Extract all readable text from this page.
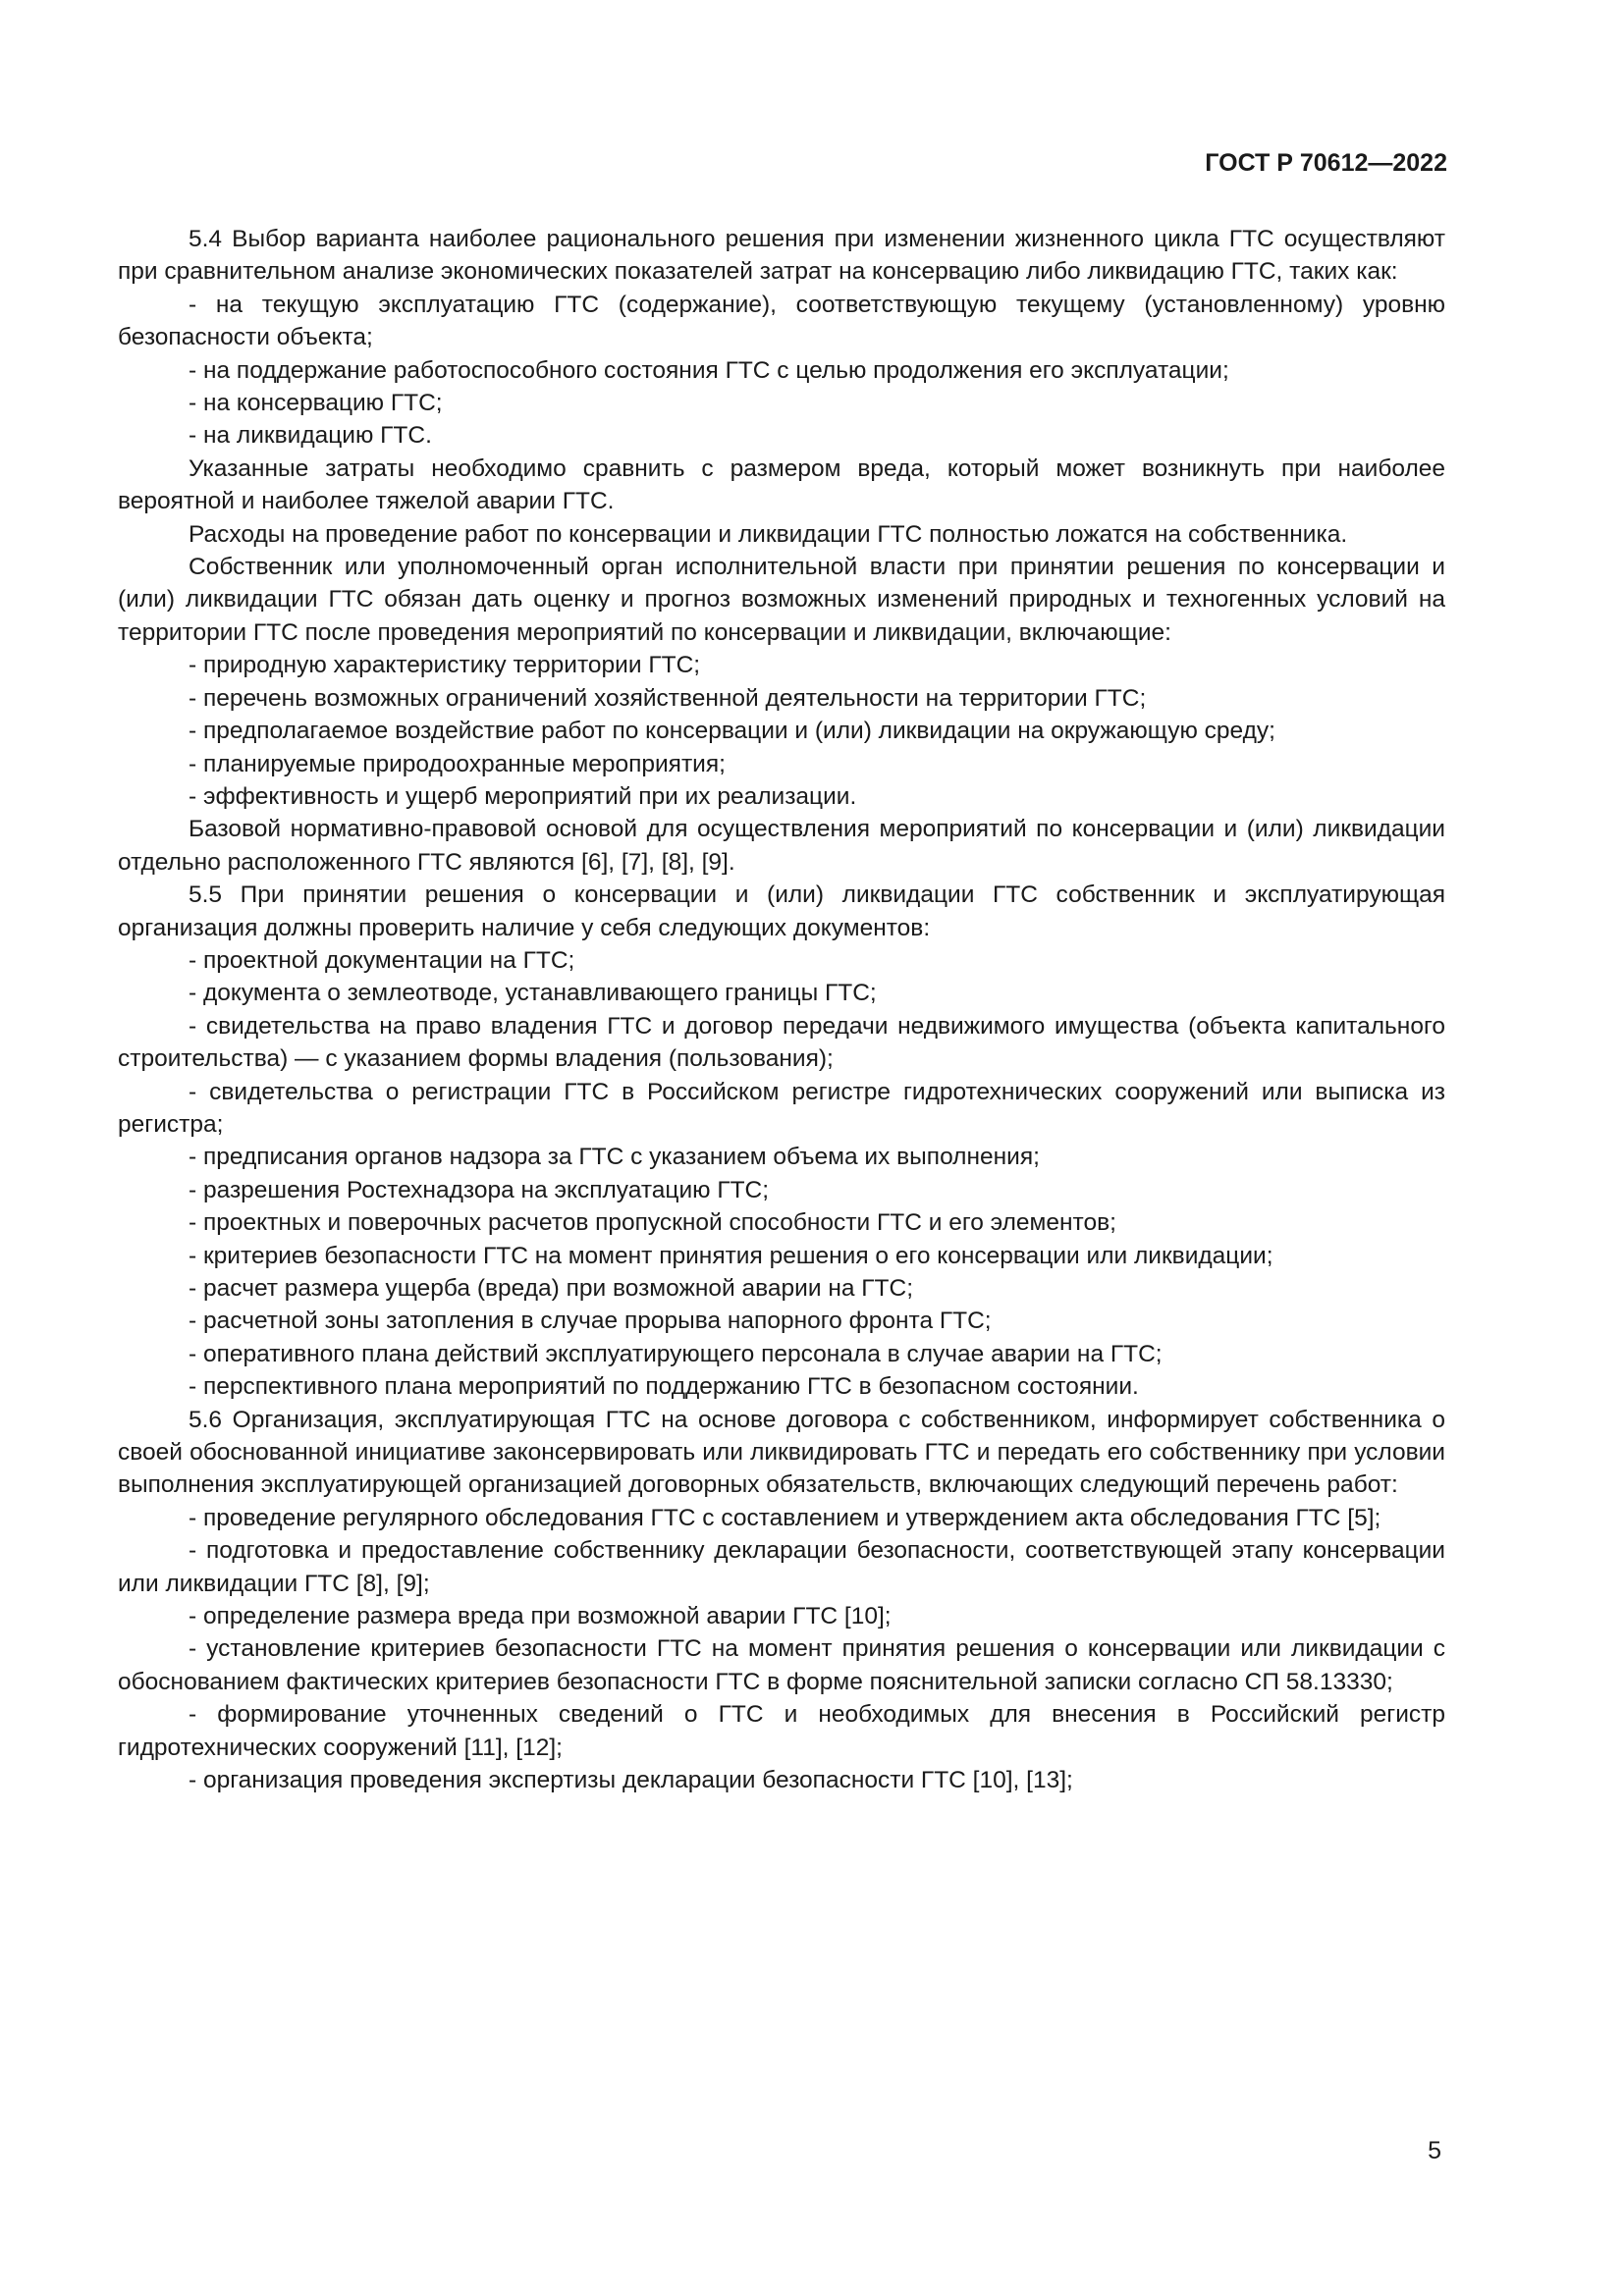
ГОСТ Р 70612—2022

5.4 Выбор варианта наиболее рационального решения при изменении жизненного цикла ГТС осуществляют при сравнительном анализе экономических показателей затрат на консервацию либо ликвидацию ГТС, таких как:

- на текущую эксплуатацию ГТС (содержание), соответствующую текущему (установленному) уровню безопасности объекта;

- на поддержание работоспособного состояния ГТС с целью продолжения его эксплуатации;

- на консервацию ГТС;

- на ликвидацию ГТС.

Указанные затраты необходимо сравнить с размером вреда, который может возникнуть при наиболее вероятной и наиболее тяжелой аварии ГТС.

Расходы на проведение работ по консервации и ликвидации ГТС полностью ложатся на собственника.

Собственник или уполномоченный орган исполнительной власти при принятии решения по консервации и (или) ликвидации ГТС обязан дать оценку и прогноз возможных изменений природных и техногенных условий на территории ГТС после проведения мероприятий по консервации и ликвидации, включающие:

- природную характеристику территории ГТС;

- перечень возможных ограничений хозяйственной деятельности на территории ГТС;

- предполагаемое воздействие работ по консервации и (или) ликвидации на окружающую среду;

- планируемые природоохранные мероприятия;

- эффективность и ущерб мероприятий при их реализации.

Базовой нормативно-правовой основой для осуществления мероприятий по консервации и (или) ликвидации отдельно расположенного ГТС являются [6], [7], [8], [9].

5.5 При принятии решения о консервации и (или) ликвидации ГТС собственник и эксплуатирующая организация должны проверить наличие у себя следующих документов:

- проектной документации на ГТС;

- документа о землеотводе, устанавливающего границы ГТС;

- свидетельства на право владения ГТС и договор передачи недвижимого имущества (объекта капитального строительства) — с указанием формы владения (пользования);

- свидетельства о регистрации ГТС в Российском регистре гидротехнических сооружений или выписка из регистра;

- предписания органов надзора за ГТС с указанием объема их выполнения;

- разрешения Ростехнадзора на эксплуатацию ГТС;

- проектных и поверочных расчетов пропускной способности ГТС и его элементов;

- критериев безопасности ГТС на момент принятия решения о его консервации или ликвидации;

- расчет размера ущерба (вреда) при возможной аварии на ГТС;

- расчетной зоны затопления в случае прорыва напорного фронта ГТС;

- оперативного плана действий эксплуатирующего персонала в случае аварии на ГТС;

- перспективного плана мероприятий по поддержанию ГТС в безопасном состоянии.

5.6 Организация, эксплуатирующая ГТС на основе договора с собственником, информирует собственника о своей обоснованной инициативе законсервировать или ликвидировать ГТС и передать его собственнику при условии выполнения эксплуатирующей организацией договорных обязательств, включающих следующий перечень работ:

- проведение регулярного обследования ГТС с составлением и утверждением акта обследования ГТС [5];

- подготовка и предоставление собственнику декларации безопасности, соответствующей этапу консервации или ликвидации ГТС [8], [9];

- определение размера вреда при возможной аварии ГТС [10];

- установление критериев безопасности ГТС на момент принятия решения о консервации или ликвидации с обоснованием фактических критериев безопасности ГТС в форме пояснительной записки согласно СП 58.13330;

- формирование уточненных сведений о ГТС и необходимых для внесения в Российский регистр гидротехнических сооружений [11], [12];

- организация проведения экспертизы декларации безопасности ГТС [10], [13];

5
